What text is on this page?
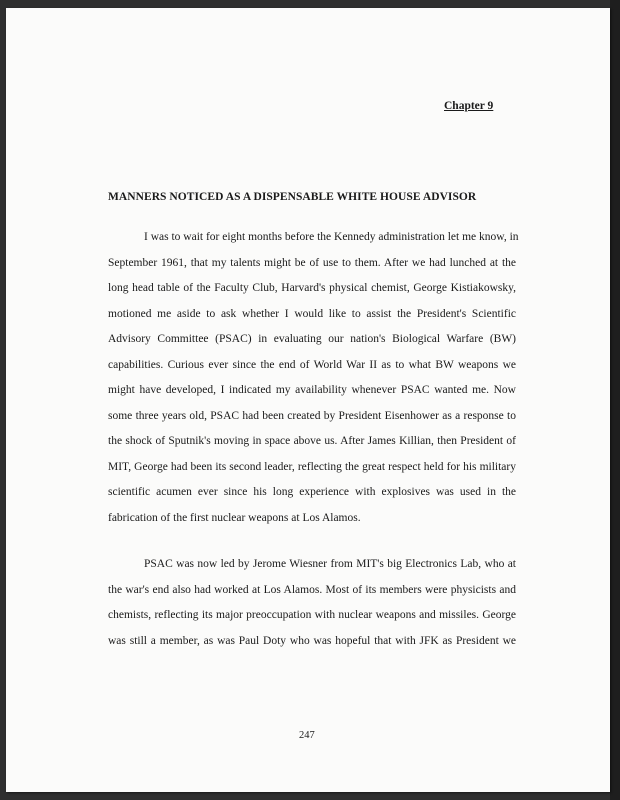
Chapter 9
MANNERS NOTICED AS A DISPENSABLE WHITE HOUSE ADVISOR
I was to wait for eight months before the Kennedy administration let me know, in
September 1961, that my talents might be of use to them. After we had lunched at the
long head table of the Faculty Club, Harvard's physical chemist, George Kistiakowsky,
motioned me aside to ask whether I would like to assist the President's Scientific
Advisory Committee (PSAC) in evaluating our nation's Biological Warfare (BW)
capabilities. Curious ever since the end of World War II as to what BW weapons we
might have developed, I indicated my availability whenever PSAC wanted me. Now
some three years old, PSAC had been created by President Eisenhower as a response to
the shock of Sputnik's moving in space above us. After James Killian, then President of
MIT, George had been its second leader, reflecting the great respect held for his military
scientific acumen ever since his long experience with explosives was used in the
fabrication of the first nuclear weapons at Los Alamos.
PSAC was now led by Jerome Wiesner from MIT's big Electronics Lab, who at
the war's end also had worked at Los Alamos. Most of its members were physicists and
chemists, reflecting its major preoccupation with nuclear weapons and missiles. George
was still a member, as was Paul Doty who was hopeful that with JFK as President we
247
